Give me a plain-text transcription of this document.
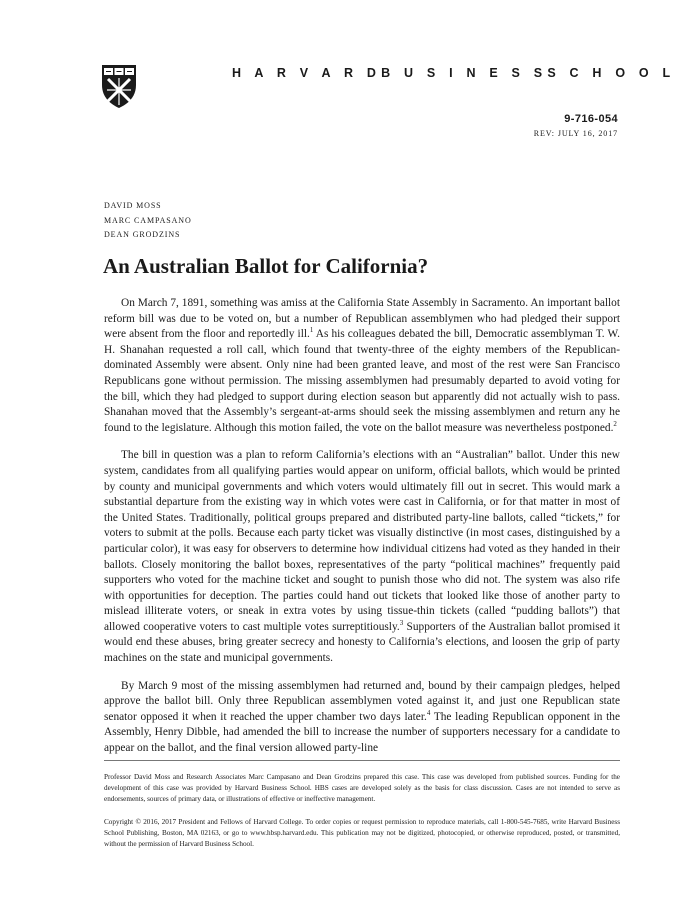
H A R V A R D B U S I N E S S S C H O O L
9-716-054
REV: JULY 16, 2017
DAVID MOSS
MARC CAMPASANO
DEAN GRODZINS
An Australian Ballot for California?

On March 7, 1891, something was amiss at the California State Assembly in Sacramento. An important ballot reform bill was due to be voted on, but a number of Republican assemblymen who had pledged their support were absent from the floor and reportedly ill.$^1$ As his colleagues debated the bill, Democratic assemblyman T. W. H. Shanahan requested a roll call, which found that twenty-three of the eighty members of the Republican-dominated Assembly were absent. Only nine had been granted leave, and most of the rest were San Francisco Republicans gone without permission. The missing assemblymen had presumably departed to avoid voting for the bill, which they had pledged to support during election season but apparently did not actually wish to pass. Shanahan moved that the Assembly’s sergeant-at-arms should seek the missing assemblymen and return any he found to the legislature. Although this motion failed, the vote on the ballot measure was nevertheless postponed.$^2$

The bill in question was a plan to reform California’s elections with an “Australian” ballot. Under this new system, candidates from all qualifying parties would appear on uniform, official ballots, which would be printed by county and municipal governments and which voters would ultimately fill out in secret. This would mark a substantial departure from the existing way in which votes were cast in California, or for that matter in most of the United States. Traditionally, political groups prepared and distributed party-line ballots, called “tickets,” for voters to submit at the polls. Because each party ticket was visually distinctive (in most cases, distinguished by a particular color), it was easy for observers to determine how individual citizens had voted as they handed in their ballots. Closely monitoring the ballot boxes, representatives of the party “political machines” frequently paid supporters who voted for the machine ticket and sought to punish those who did not. The system was also rife with opportunities for deception. The parties could hand out tickets that looked like those of another party to mislead illiterate voters, or sneak in extra votes by using tissue-thin tickets (called “pudding ballots”) that allowed cooperative voters to cast multiple votes surreptitiously.$^3$ Supporters of the Australian ballot promised it would end these abuses, bring greater secrecy and honesty to California’s elections, and loosen the grip of party machines on the state and municipal governments.

By March 9 most of the missing assemblymen had returned and, bound by their campaign pledges, helped approve the ballot bill. Only three Republican assemblymen voted against it, and just one Republican state senator opposed it when it reached the upper chamber two days later.$^4$ The leading Republican opponent in the Assembly, Henry Dibble, had amended the bill to increase the number of supporters necessary for a candidate to appear on the ballot, and the final version allowed party-line

Professor David Moss and Research Associates Marc Campasano and Dean Grodzins prepared this case. This case was developed from published sources. Funding for the development of this case was provided by Harvard Business School. HBS cases are developed solely as the basis for class discussion. Cases are not intended to serve as endorsements, sources of primary data, or illustrations of effective or ineffective management.
Copyright © 2016, 2017 President and Fellows of Harvard College. To order copies or request permission to reproduce materials, call 1-800-545-7685, write Harvard Business School Publishing, Boston, MA 02163, or go to www.hbsp.harvard.edu. This publication may not be digitized, photocopied, or otherwise reproduced, posted, or transmitted, without the permission of Harvard Business School.
